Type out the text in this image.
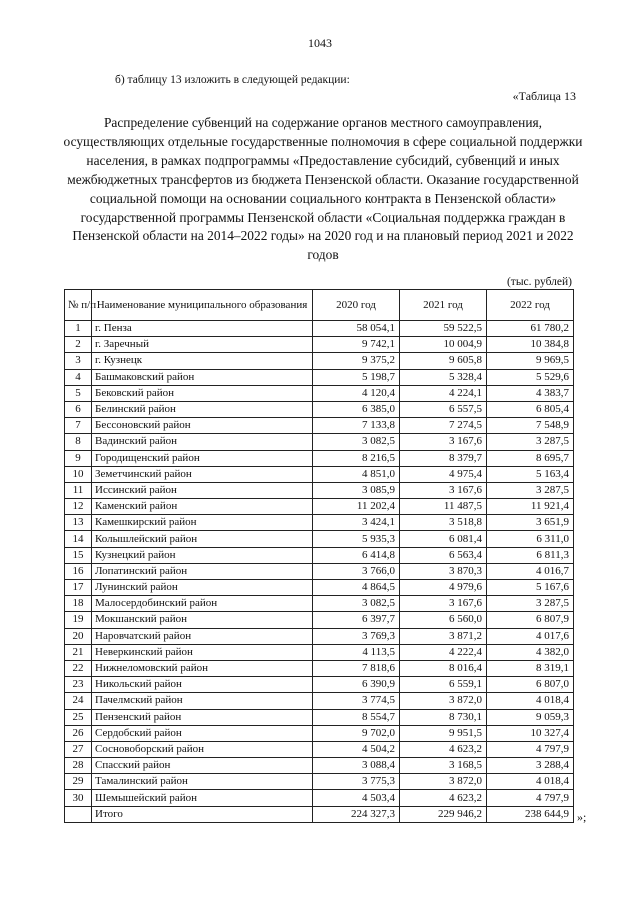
1043
б) таблицу 13 изложить в следующей редакции:
«Таблица 13
Распределение субвенций на содержание органов местного самоуправления, осуществляющих отдельные государственные полномочия в сфере социальной поддержки населения, в рамках подпрограммы «Предоставление субсидий, субвенций и иных межбюджетных трансфертов из бюджета Пензенской области. Оказание государственной социальной помощи на основании социального контракта в Пензенской области» государственной программы Пензенской области «Социальная поддержка граждан в Пензенской области на 2014–2022 годы» на 2020 год и на плановый период 2021 и 2022 годов
(тыс. рублей)
№ п/п	Наименование муниципального образования	2020 год	2021 год	2022 год
1	г. Пенза	58 054,1	59 522,5	61 780,2
2	г. Заречный	9 742,1	10 004,9	10 384,8
3	г. Кузнецк	9 375,2	9 605,8	9 969,5
4	Башмаковский район	5 198,7	5 328,4	5 529,6
5	Бековский район	4 120,4	4 224,1	4 383,7
6	Белинский район	6 385,0	6 557,5	6 805,4
7	Бессоновский район	7 133,8	7 274,5	7 548,9
8	Вадинский район	3 082,5	3 167,6	3 287,5
9	Городищенский район	8 216,5	8 379,7	8 695,7
10	Земетчинский район	4 851,0	4 975,4	5 163,4
11	Иссинский район	3 085,9	3 167,6	3 287,5
12	Каменский район	11 202,4	11 487,5	11 921,4
13	Камешкирский район	3 424,1	3 518,8	3 651,9
14	Колышлейский район	5 935,3	6 081,4	6 311,0
15	Кузнецкий район	6 414,8	6 563,4	6 811,3
16	Лопатинский район	3 766,0	3 870,3	4 016,7
17	Лунинский район	4 864,5	4 979,6	5 167,6
18	Малосердобинский район	3 082,5	3 167,6	3 287,5
19	Мокшанский район	6 397,7	6 560,0	6 807,9
20	Наровчатский район	3 769,3	3 871,2	4 017,6
21	Неверкинский район	4 113,5	4 222,4	4 382,0
22	Нижнеломовский район	7 818,6	8 016,4	8 319,1
23	Никольский район	6 390,9	6 559,1	6 807,0
24	Пачелмский район	3 774,5	3 872,0	4 018,4
25	Пензенский район	8 554,7	8 730,1	9 059,3
26	Сердобский район	9 702,0	9 951,5	10 327,4
27	Сосновоборский район	4 504,2	4 623,2	4 797,9
28	Спасский район	3 088,4	3 168,5	3 288,4
29	Тамалинский район	3 775,3	3 872,0	4 018,4
30	Шемышейский район	4 503,4	4 623,2	4 797,9
	Итого	224 327,3	229 946,2	238 644,9 »;
